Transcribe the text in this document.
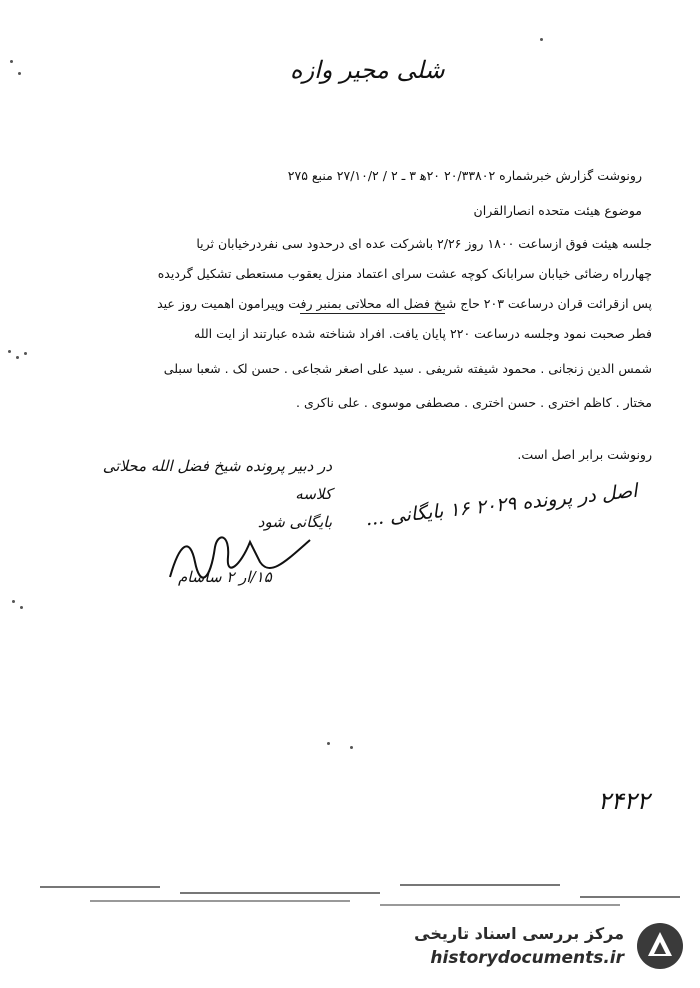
شلی مجیر وازه
رونوشت گزارش خبرشماره ۲۰/۳۳۸۰۲ ۲۰ه‍ ۳ ـ ۲ / ۲۷/۱۰/۲ منبع ۲۷۵
موضوع هیئت متحده انصارالقران
جلسه هیئت فوق ازساعت ۱۸۰۰ روز ۲/۲۶ باشرکت عده ای درحدود سی نفردرخیابان ثریا
چهارراه رضائی خیابان سرابانک کوچه عشت سرای اعتماد منزل یعقوب مستعطی تشکیل گردیده
پس ازقرائت قران درساعت ۲۰۳ حاج شیخ فضل اله محلاتی بمنبر رفت وپیرامون اهمیت روز عید
فطر صحبت نمود وجلسه درساعت ۲۲۰ پایان یافت. افراد شناخته شده عبارتند از ایت الله
شمس الدین زنجانی . محمود شیفته شریفی . سید علی اصغر شجاعی . حسن لک . شعبا سبلی
مختار . کاظم اختری . حسن اختری . مصطفی موسوی . علی ناکری .
رونوشت برابر اصل است.
در دبیر پرونده شیخ فضل الله محلاتی کلاسه
بایگانی شود اصل در پرونده ۲۰۲۹ ۱۶ بایگانی ...
۱۵/ار ۲ ساسام
۲۴۲۲
مرکز بررسی اسناد تاریخی
historydocuments.ir
